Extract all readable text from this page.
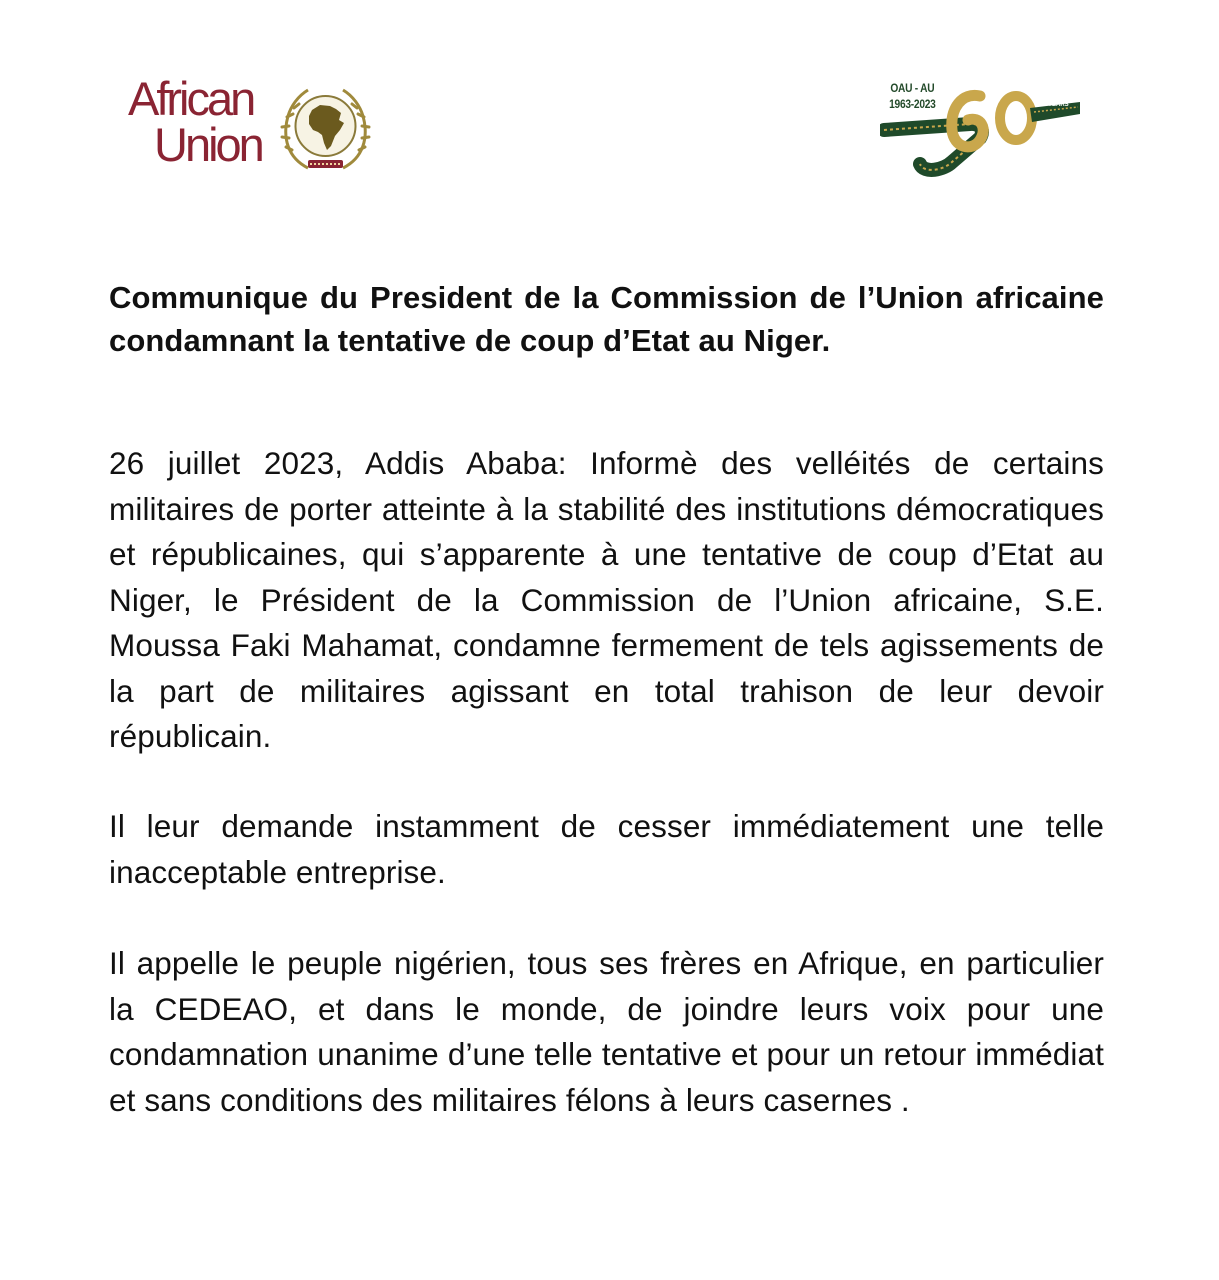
African
Union
OAU - AU
1963-2023	YEARS
Communique du President de la Commission de l’Union africaine condamnant la tentative de coup d’Etat au Niger.

26 juillet 2023, Addis Ababa: Informè des velléités de certains militaires de porter atteinte à la stabilité des institutions démocratiques et républicaines, qui s’apparente à une tentative de coup d’Etat au Niger, le Président de la Commission de l’Union africaine, S.E. Moussa Faki Mahamat, condamne fermement de tels agissements de la part de militaires agissant en total trahison de leur devoir républicain.

Il leur demande instamment de cesser immédiatement une telle inacceptable entreprise.

Il appelle le peuple nigérien, tous ses frères en Afrique, en particulier la CEDEAO, et dans le monde, de joindre leurs voix pour une condamnation unanime d’une telle tentative et pour un retour immédiat et sans conditions des militaires félons à leurs casernes .
